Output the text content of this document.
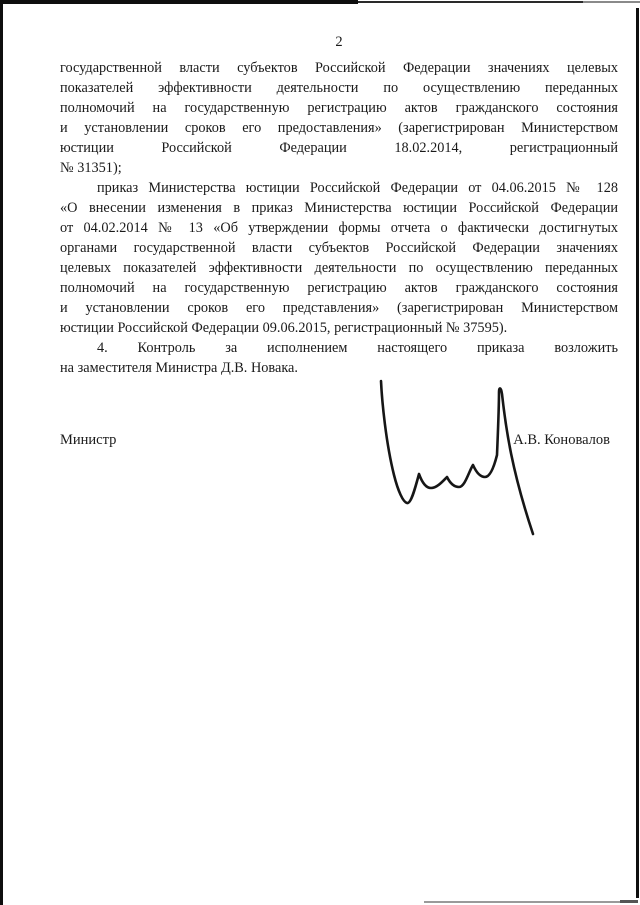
2
государственной власти субъектов Российской Федерации значениях целевых
показателей эффективности деятельности по осуществлению переданных
полномочий на государственную регистрацию актов гражданского состояния
и установлении сроков его предоставления» (зарегистрирован Министерством
юстиции Российской Федерации 18.02.2014, регистрационный
№ 31351);
приказ Министерства юстиции Российской Федерации от 04.06.2015 № 128
«О внесении изменения в приказ Министерства юстиции Российской Федерации
от 04.02.2014 № 13 «Об утверждении формы отчета о фактически достигнутых
органами государственной власти субъектов Российской Федерации значениях
целевых показателей эффективности деятельности по осуществлению переданных
полномочий на государственную регистрацию актов гражданского состояния
и установлении сроков его представления» (зарегистрирован Министерством
юстиции Российской Федерации 09.06.2015, регистрационный № 37595).
4. Контроль за исполнением настоящего приказа возложить
на заместителя Министра Д.В. Новака.
Министр	А.В. Коновалов
